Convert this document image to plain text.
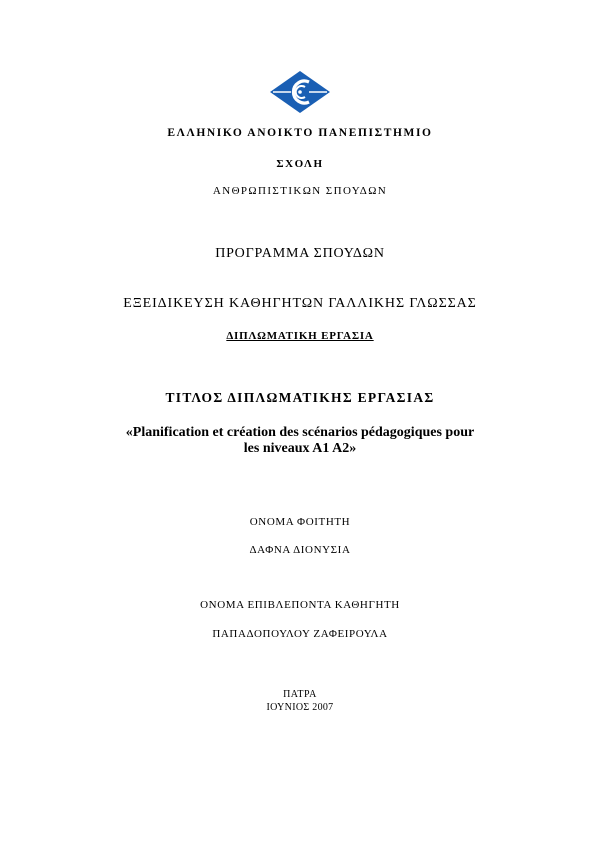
ΕΛΛΗΝΙΚΟ ΑΝΟΙΚΤΟ ΠΑΝΕΠΙΣΤΗΜΙΟ
ΣΧΟΛΗ
ΑΝΘΡΩΠΙΣΤΙΚΩΝ ΣΠΟΥΔΩΝ
ΠΡΟΓΡΑΜΜΑ ΣΠΟΥΔΩΝ
ΕΞΕΙΔΙΚΕΥΣΗ ΚΑΘΗΓΗΤΩΝ ΓΑΛΛΙΚΗΣ ΓΛΩΣΣΑΣ
ΔΙΠΛΩΜΑΤΙΚΗ ΕΡΓΑΣΙΑ
ΤΙΤΛΟΣ ΔΙΠΛΩΜΑΤΙΚΗΣ ΕΡΓΑΣΙΑΣ
«Planification et création des scénarios pédagogiques pour
les niveaux A1 A2»
ΟΝΟΜΑ ΦΟΙΤΗΤΗ
ΔΑΦΝΑ ΔΙΟΝΥΣΙΑ
ΟΝΟΜΑ ΕΠΙΒΛΕΠΟΝΤΑ ΚΑΘΗΓΗΤΗ
ΠΑΠΑΔΟΠΟΥΛΟΥ ΖΑΦΕΙΡΟΥΛΑ
ΠΑΤΡΑ
ΙΟΥΝΙΟΣ 2007
